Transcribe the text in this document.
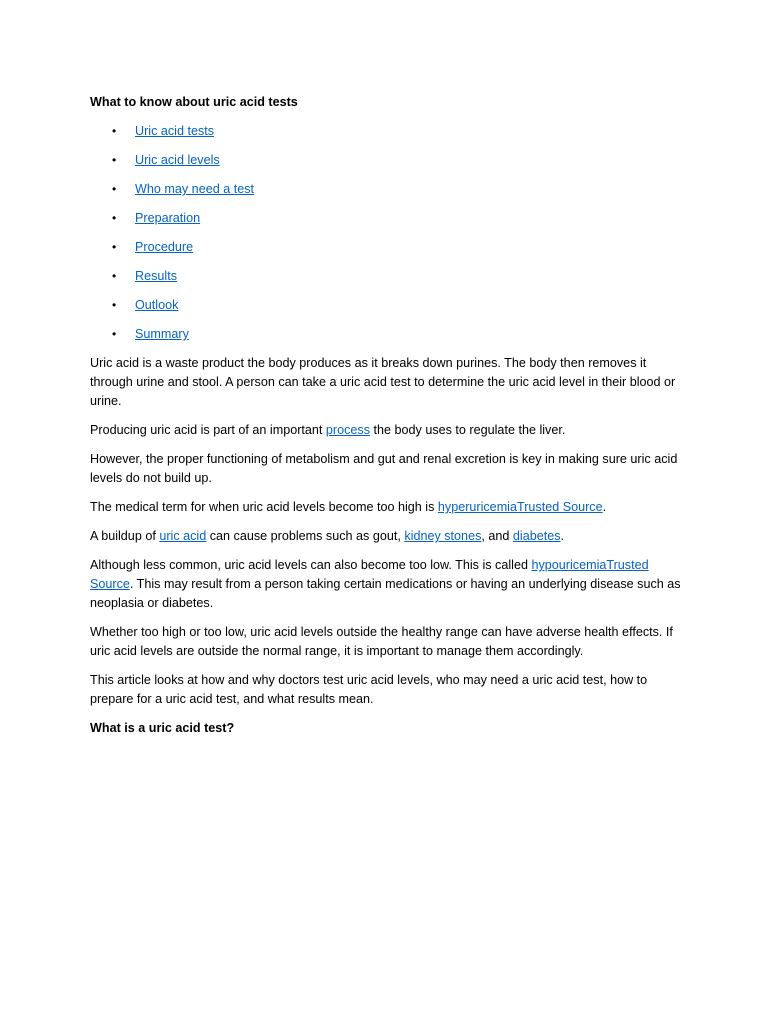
What to know about uric acid tests
•	Uric acid tests
•	Uric acid levels
•	Who may need a test
•	Preparation
•	Procedure
•	Results
•	Outlook
•	Summary

Uric acid is a waste product the body produces as it breaks down purines. The body then removes it through urine and stool. A person can take a uric acid test to determine the uric acid level in their blood or urine.

Producing uric acid is part of an important process the body uses to regulate the liver.

However, the proper functioning of metabolism and gut and renal excretion is key in making sure uric acid levels do not build up.

The medical term for when uric acid levels become too high is hyperuricemiaTrusted Source.

A buildup of uric acid can cause problems such as gout, kidney stones, and diabetes.

Although less common, uric acid levels can also become too low. This is called hypouricemiaTrusted Source. This may result from a person taking certain medications or having an underlying disease such as neoplasia or diabetes.

Whether too high or too low, uric acid levels outside the healthy range can have adverse health effects. If uric acid levels are outside the normal range, it is important to manage them accordingly.

This article looks at how and why doctors test uric acid levels, who may need a uric acid test, how to prepare for a uric acid test, and what results mean.

What is a uric acid test?
